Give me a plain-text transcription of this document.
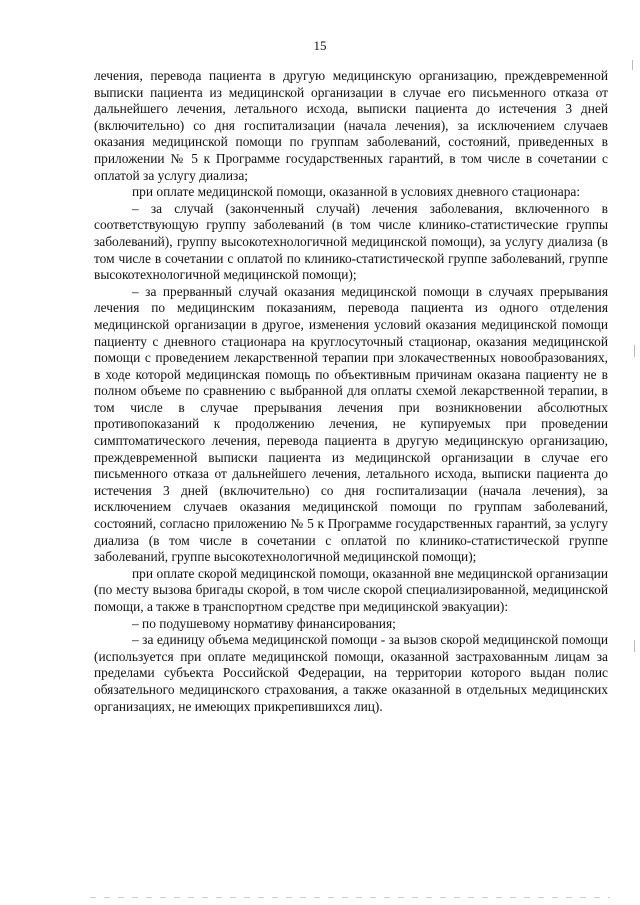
15

лечения, перевода пациента в другую медицинскую организацию, преждевременной выписки пациента из медицинской организации в случае его письменного отказа от дальнейшего лечения, летального исхода, выписки пациента до истечения 3 дней (включительно) со дня госпитализации (начала лечения), за исключением случаев оказания медицинской помощи по группам заболеваний, состояний, приведенных в приложении № 5 к Программе государственных гарантий, в том числе в сочетании с оплатой за услугу диализа;

при оплате медицинской помощи, оказанной в условиях дневного стационара:

– за случай (законченный случай) лечения заболевания, включенного в соответствующую группу заболеваний (в том числе клинико-статистические группы заболеваний), группу высокотехнологичной медицинской помощи), за услугу диализа (в том числе в сочетании с оплатой по клинико-статистической группе заболеваний, группе высокотехнологичной медицинской помощи);

– за прерванный случай оказания медицинской помощи в случаях прерывания лечения по медицинским показаниям, перевода пациента из одного отделения медицинской организации в другое, изменения условий оказания медицинской помощи пациенту с дневного стационара на круглосуточный стационар, оказания медицинской помощи с проведением лекарственной терапии при злокачественных новообразованиях, в ходе которой медицинская помощь по объективным причинам оказана пациенту не в полном объеме по сравнению с выбранной для оплаты схемой лекарственной терапии, в том числе в случае прерывания лечения при возникновении абсолютных противопоказаний к продолжению лечения, не купируемых при проведении симптоматического лечения, перевода пациента в другую медицинскую организацию, преждевременной выписки пациента из медицинской организации в случае его письменного отказа от дальнейшего лечения, летального исхода, выписки пациента до истечения 3 дней (включительно) со дня госпитализации (начала лечения), за исключением случаев оказания медицинской помощи по группам заболеваний, состояний, согласно приложению № 5 к Программе государственных гарантий, за услугу диализа (в том числе в сочетании с оплатой по клинико-статистической группе заболеваний, группе высокотехнологичной медицинской помощи);

при оплате скорой медицинской помощи, оказанной вне медицинской организации (по месту вызова бригады скорой, в том числе скорой специализированной, медицинской помощи, а также в транспортном средстве при медицинской эвакуации):

– по подушевому нормативу финансирования;

– за единицу объема медицинской помощи - за вызов скорой медицинской помощи (используется при оплате медицинской помощи, оказанной застрахованным лицам за пределами субъекта Российской Федерации, на территории которого выдан полис обязательного медицинского страхования, а также оказанной в отдельных медицинских организациях, не имеющих прикрепившихся лиц).
